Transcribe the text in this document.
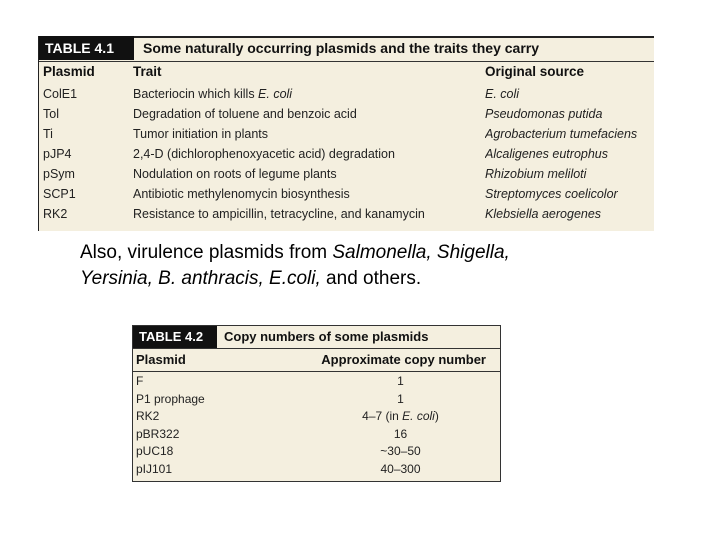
TABLE 4.1	Some naturally occurring plasmids and the traits they carry
Plasmid	Trait	Original source
ColE1	Bacteriocin which kills E. coli	E. coli
Tol	Degradation of toluene and benzoic acid	Pseudomonas putida
Ti	Tumor initiation in plants	Agrobacterium tumefaciens
pJP4	2,4-D (dichlorophenoxyacetic acid) degradation	Alcaligenes eutrophus
pSym	Nodulation on roots of legume plants	Rhizobium meliloti
SCP1	Antibiotic methylenomycin biosynthesis	Streptomyces coelicolor
RK2	Resistance to ampicillin, tetracycline, and kanamycin	Klebsiella aerogenes
Also, virulence plasmids from Salmonella, Shigella,
Yersinia, B. anthracis, E.coli, and others.
TABLE 4.2	Copy numbers of some plasmids
Plasmid	Approximate copy number
F	1
P1 prophage	1
RK2	4–7 (in E. coli)
pBR322	16
pUC18	~30–50
pIJ101	40–300
